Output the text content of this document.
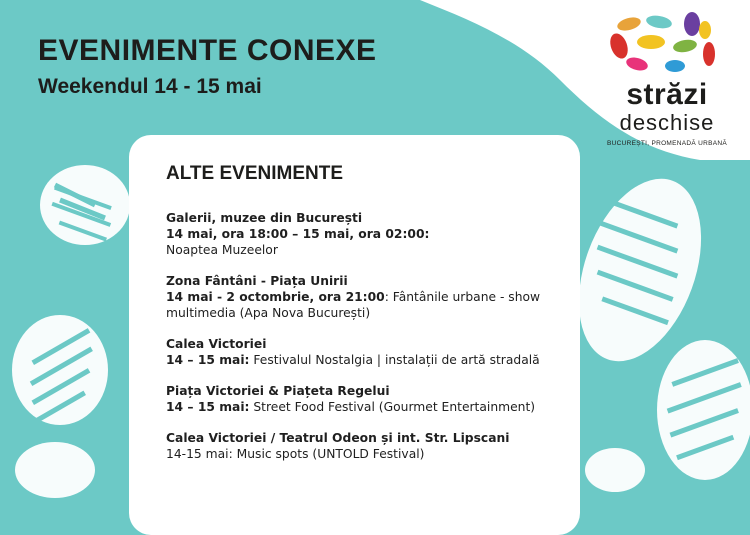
EVENIMENTE CONEXE
Weekendul 14 - 15 mai	străzi
deschise
BUCUREȘTI, PROMENADĂ URBANĂ
ALTE EVENIMENTE
Galerii, muzee din București
14 mai, ora 18:00 – 15 mai, ora 02:00:
Noaptea Muzeelor
Zona Fântâni - Piața Unirii
14 mai - 2 octombrie, ora 21:00: Fântânile urbane - show multimedia (Apa Nova București)
Calea Victoriei
14 – 15 mai: Festivalul Nostalgia | instalații de artă stradală
Piața Victoriei & Piațeta Regelui
14 – 15 mai: Street Food Festival (Gourmet Entertainment)
Calea Victoriei / Teatrul Odeon și int. Str. Lipscani
14-15 mai: Music spots (UNTOLD Festival)
